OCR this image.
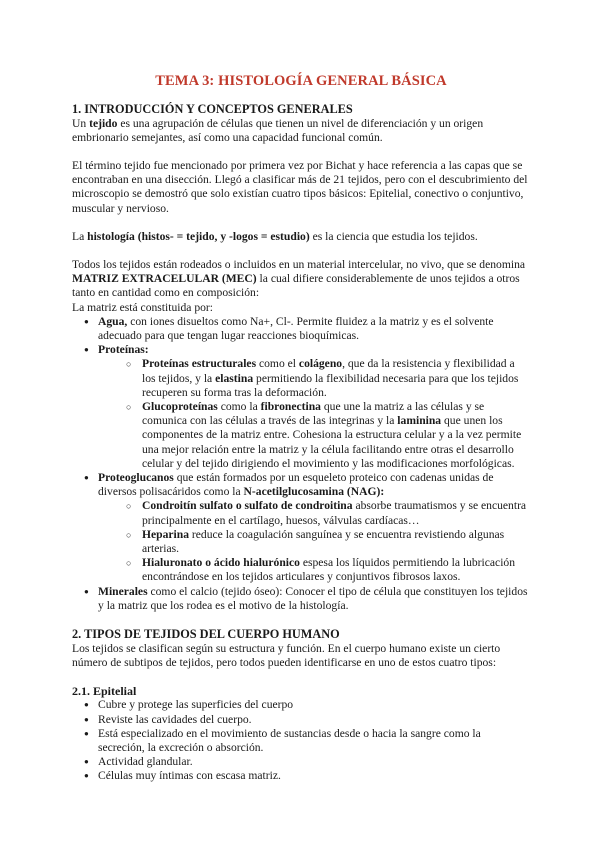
TEMA 3: HISTOLOGÍA GENERAL BÁSICA
1. INTRODUCCIÓN Y CONCEPTOS GENERALES

Un tejido es una agrupación de células que tienen un nivel de diferenciación y un origen embrionario semejantes, así como una capacidad funcional común.

El término tejido fue mencionado por primera vez por Bichat y hace referencia a las capas que se encontraban en una disección. Llegó a clasificar más de 21 tejidos, pero con el descubrimiento del microscopio se demostró que solo existían cuatro tipos básicos: Epitelial, conectivo o conjuntivo, muscular y nervioso.

La histología (histos- = tejido, y -logos = estudio) es la ciencia que estudia los tejidos.

Todos los tejidos están rodeados o incluidos en un material intercelular, no vivo, que se denomina MATRIZ EXTRACELULAR (MEC) la cual difiere considerablemente de unos tejidos a otros tanto en cantidad como en composición:

La matriz está constituida por:

● Agua, con iones disueltos como Na+, Cl-. Permite fluidez a la matriz y es el solvente adecuado para que tengan lugar reacciones bioquímicas.
● Proteínas:
○ Proteínas estructurales como el colágeno, que da la resistencia y flexibilidad a los tejidos, y la elastina permitiendo la flexibilidad necesaria para que los tejidos recuperen su forma tras la deformación.
○ Glucoproteínas como la fibronectina que une la matriz a las células y se comunica con las células a través de las integrinas y la laminina que unen los componentes de la matriz entre. Cohesiona la estructura celular y a la vez permite una mejor relación entre la matriz y la célula facilitando entre otras el desarrollo celular y del tejido dirigiendo el movimiento y las modificaciones morfológicas.
● Proteoglucanos que están formados por un esqueleto proteico con cadenas unidas de diversos polisacáridos como la N-acetilglucosamina (NAG):
○ Condroitín sulfato o sulfato de condroitina absorbe traumatismos y se encuentra principalmente en el cartílago, huesos, válvulas cardíacas…
○ Heparina reduce la coagulación sanguínea y se encuentra revistiendo algunas arterias.
○ Hialuronato o ácido hialurónico espesa los líquidos permitiendo la lubricación encontrándose en los tejidos articulares y conjuntivos fibrosos laxos.
● Minerales como el calcio (tejido óseo): Conocer el tipo de célula que constituyen los tejidos y la matriz que los rodea es el motivo de la histología.
2. TIPOS DE TEJIDOS DEL CUERPO HUMANO

Los tejidos se clasifican según su estructura y función. En el cuerpo humano existe un cierto número de subtipos de tejidos, pero todos pueden identificarse en uno de estos cuatro tipos:

2.1. Epitelial
● Cubre y protege las superficies del cuerpo
● Reviste las cavidades del cuerpo.
● Está especializado en el movimiento de sustancias desde o hacia la sangre como la secreción, la excreción o absorción.
● Actividad glandular.
● Células muy íntimas con escasa matriz.
